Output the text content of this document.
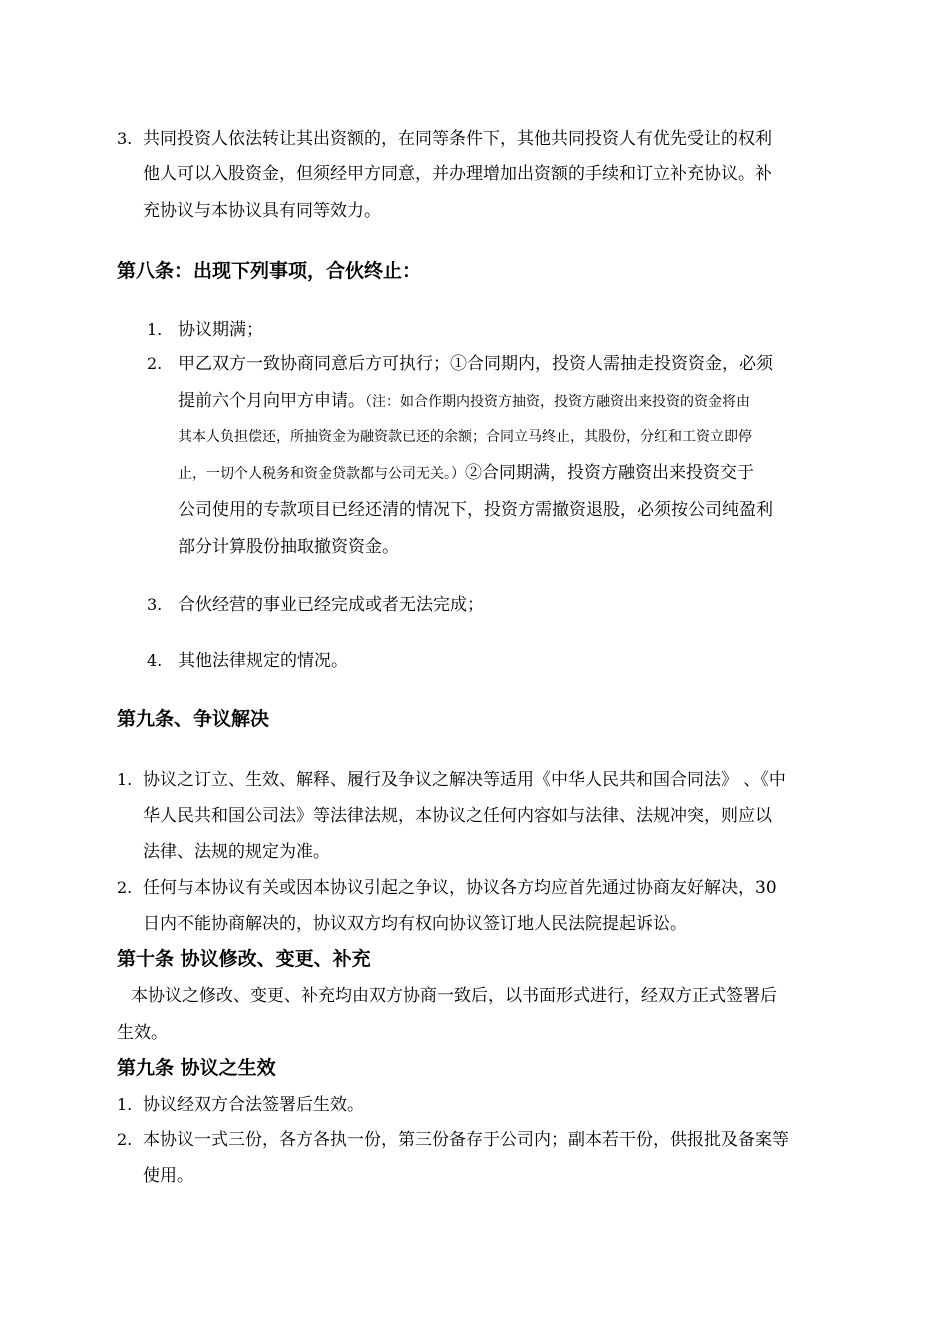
3. 共同投资人依法转让其出资额的，在同等条件下，其他共同投资人有优先受让的权利
他人可以入股资金，但须经甲方同意，并办理增加出资额的手续和订立补充协议。补
充协议与本协议具有同等效力。
第八条：出现下列事项，合伙终止：
1. 协议期满；
2. 甲乙双方一致协商同意后方可执行；①合同期内，投资人需抽走投资资金，必须
提前六个月向甲方申请。（注：如合作期内投资方抽资，投资方融资出来投资的资金将由
其本人负担偿还，所抽资金为融资款已还的余额；合同立马终止，其股份，分红和工资立即停
止，一切个人税务和资金贷款都与公司无关。）②合同期满，投资方融资出来投资交于
公司使用的专款项目已经还清的情况下，投资方需撤资退股，必须按公司纯盈利
部分计算股份抽取撤资资金。
3. 合伙经营的事业已经完成或者无法完成；
4. 其他法律规定的情况。
第九条、争议解决
1. 协议之订立、生效、解释、履行及争议之解决等适用《中华人民共和国合同法》 、《中
华人民共和国公司法》等法律法规，本协议之任何内容如与法律、法规冲突，则应以
法律、法规的规定为准。
2. 任何与本协议有关或因本协议引起之争议，协议各方均应首先通过协商友好解决，30
日内不能协商解决的，协议双方均有权向协议签订地人民法院提起诉讼。
第十条 协议修改、变更、补充
本协议之修改、变更、补充均由双方协商一致后，以书面形式进行，经双方正式签署后
生效。
第九条 协议之生效
1. 协议经双方合法签署后生效。
2. 本协议一式三份，各方各执一份，第三份备存于公司内；副本若干份，供报批及备案等
使用。
